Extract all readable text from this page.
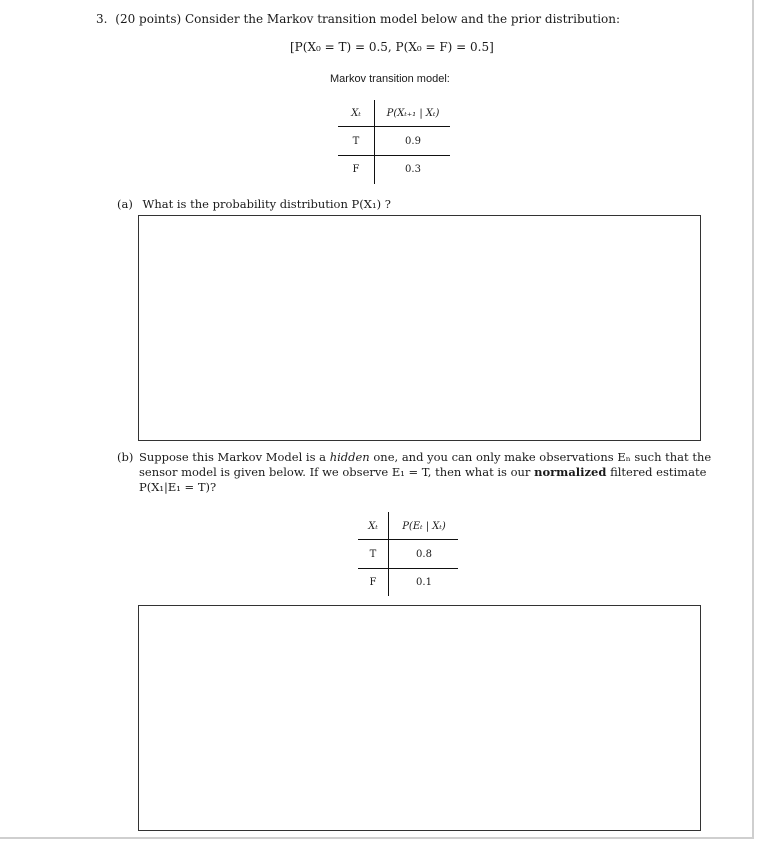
3. (20 points) Consider the Markov transition model below and the prior distribution:
[P(X₀ = T) = 0.5, P(X₀ = F) = 0.5]
Markov transition model:
Xₜ	P(Xₜ₊₁ | Xₜ)
T	0.9
F	0.3
(a) What is the probability distribution P(X₁) ?
(b) Suppose this Markov Model is a hidden one, and you can only make observations Eₙ such that the
sensor model is given below. If we observe E₁ = T, then what is our normalized filtered estimate
P(X₁|E₁ = T)?
Xₜ	P(Eₜ | Xₜ)
T	0.8
F	0.1
